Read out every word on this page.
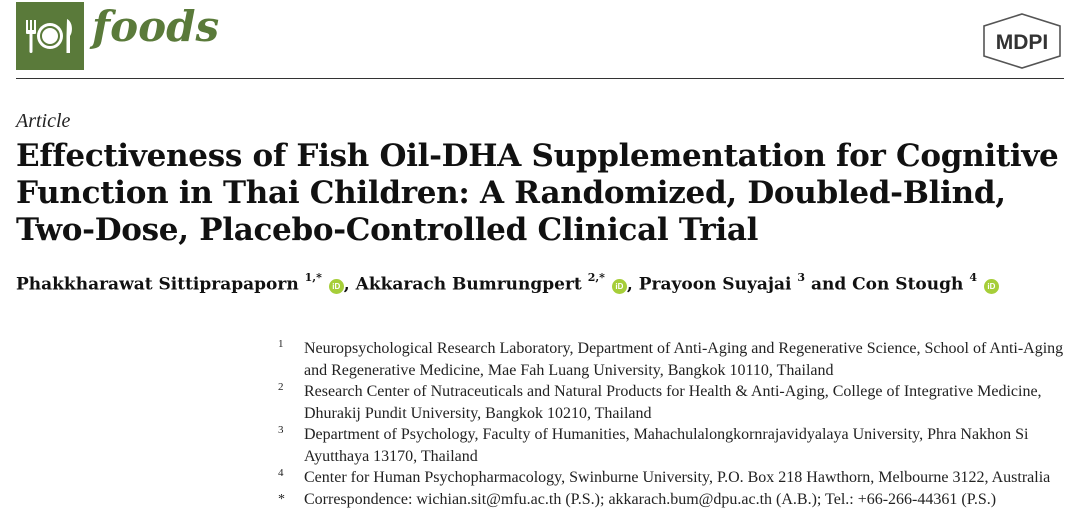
foods	MDPI
Article
Effectiveness of Fish Oil-DHA Supplementation for Cognitive Function in Thai Children: A Randomized, Doubled-Blind, Two-Dose, Placebo-Controlled Clinical Trial
Phakkharawat Sittiprapaporn $^{1,*}$ iD , Akkarach Bumrungpert $^{2,*}$ iD , Prayoon Suyajai $^3$ and Con Stough $^4$ iD
1 Neuropsychological Research Laboratory, Department of Anti-Aging and Regenerative Science, School of Anti-Aging and Regenerative Medicine, Mae Fah Luang University, Bangkok 10110, Thailand
2 Research Center of Nutraceuticals and Natural Products for Health & Anti-Aging, College of Integrative Medicine, Dhurakij Pundit University, Bangkok 10210, Thailand
3 Department of Psychology, Faculty of Humanities, Mahachulalongkornrajavidyalaya University, Phra Nakhon Si Ayutthaya 13170, Thailand
4 Center for Human Psychopharmacology, Swinburne University, P.O. Box 218 Hawthorn, Melbourne 3122, Australia
* Correspondence: wichian.sit@mfu.ac.th (P.S.); akkarach.bum@dpu.ac.th (A.B.); Tel.: +66-266-44361 (P.S.)
